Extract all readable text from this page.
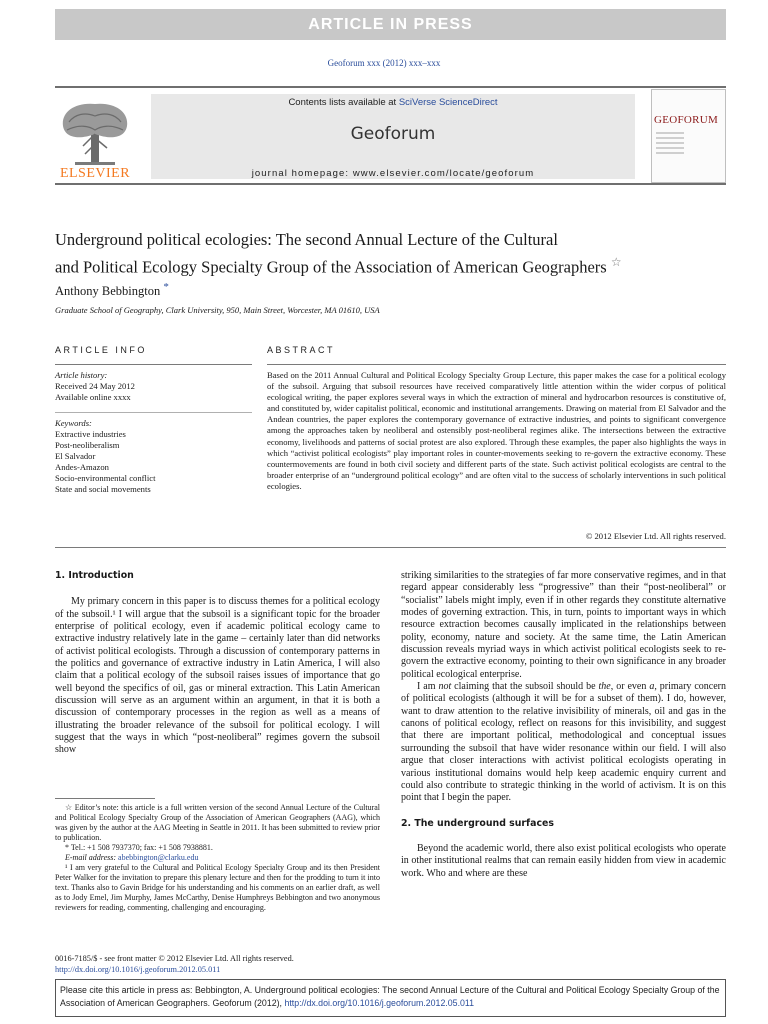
ARTICLE IN PRESS
Geoforum xxx (2012) xxx–xxx
ELSEVIER
Contents lists available at SciVerse ScienceDirect
Geoforum
journal homepage: www.elsevier.com/locate/geoforum
GEOFORUM
Underground political ecologies: The second Annual Lecture of the Cultural
and Political Ecology Specialty Group of the Association of American Geographers ☆
Anthony Bebbington *
Graduate School of Geography, Clark University, 950, Main Street, Worcester, MA 01610, USA
ARTICLE INFO	ABSTRACT
Article history:
Received 24 May 2012
Available online xxxx
Keywords:
Extractive industries
Post-neoliberalism
El Salvador
Andes-Amazon
Socio-environmental conflict
State and social movements
Based on the 2011 Annual Cultural and Political Ecology Specialty Group Lecture, this paper makes the case for a political ecology of the subsoil. Arguing that subsoil resources have received comparatively little attention within the wider corpus of political ecological writing, the paper explores several ways in which the extraction of mineral and hydrocarbon resources is constitutive of, and constituted by, wider capitalist political, economic and institutional arrangements. Drawing on material from El Salvador and the Andean countries, the paper explores the contemporary governance of extractive industries, and points to significant convergence among the approaches taken by neoliberal and ostensibly post-neoliberal regimes alike. The intersections between the extractive economy, livelihoods and patterns of social protest are also explored. Through these examples, the paper also highlights the ways in which “activist political ecologists” play important roles in counter-movements seeking to re-govern the extractive economy. These countermovements are found in both civil society and different parts of the state. Such activist political ecologists are central to the broader enterprise of an “underground political ecology” and are often vital to the success of scholarly interventions in such political ecologies.
© 2012 Elsevier Ltd. All rights reserved.
1. Introduction

My primary concern in this paper is to discuss themes for a political ecology of the subsoil.¹ I will argue that the subsoil is a significant topic for the broader enterprise of political ecology, even if academic political ecology came to extractive industry relatively late in the game – certainly later than did networks of activist political ecologists. Through a discussion of contemporary patterns in the politics and governance of extractive industry in Latin America, I will also claim that a political ecology of the subsoil raises issues of importance that go well beyond the specifics of oil, gas or mineral extraction. This Latin American discussion will serve as an argument within an argument, in that it is both a discussion of contemporary processes in the region as well as a means of illustrating the broader relevance of the subsoil for political ecology. I will suggest that the ways in which “post-neoliberal” regimes govern the subsoil show

striking similarities to the strategies of far more conservative regimes, and in that regard appear considerably less “progressive” than their “post-neoliberal” or “socialist” labels might imply, even if in other regards they constitute alternative modes of governing extraction. This, in turn, points to important ways in which resource extraction becomes causally implicated in the relationships between polity, economy, nature and society. At the same time, the Latin American discussion reveals myriad ways in which activist political ecologists seek to re-govern the extractive economy, pointing to their own significance in any broader political ecological enterprise.

I am not claiming that the subsoil should be the, or even a, primary concern of political ecologists (although it will be for a subset of them). I do, however, want to draw attention to the relative invisibility of minerals, oil and gas in the canons of political ecology, reflect on reasons for this invisibility, and suggest that there are important political, methodological and conceptual issues surrounding the subsoil that have wider resonance within our field. I will also argue that closer interactions with activist political ecologists operating in various institutional domains would help keep academic enquiry current and could also contribute to strategic thinking in the world of activism. It is on this point that I begin the paper.

2. The underground surfaces

Beyond the academic world, there also exist political ecologists who operate in other institutional realms that can remain easily hidden from view in academic work. Who and where are these

☆ Editor’s note: this article is a full written version of the second Annual Lecture of the Cultural and Political Ecology Specialty Group of the Association of American Geographers (AAG), which was given by the author at the AAG Meeting in Seattle in 2011. It has been submitted to review prior to publication.
* Tel.: +1 508 7937370; fax: +1 508 7938881.
E-mail address: abebbington@clarku.edu
¹ I am very grateful to the Cultural and Political Ecology Specialty Group and its then President Peter Walker for the invitation to prepare this plenary lecture and then for the prodding to turn it into text. Thanks also to Gavin Bridge for his understanding and his comments on an earlier draft, as well as to Jody Emel, Jim Murphy, James McCarthy, Denise Humphreys Bebbington and two anonymous reviewers for reading, commenting, challenging and encouraging.
0016-7185/$ - see front matter © 2012 Elsevier Ltd. All rights reserved.
http://dx.doi.org/10.1016/j.geoforum.2012.05.011
Please cite this article in press as: Bebbington, A. Underground political ecologies: The second Annual Lecture of the Cultural and Political Ecology Specialty Group of the Association of American Geographers. Geoforum (2012), http://dx.doi.org/10.1016/j.geoforum.2012.05.011
